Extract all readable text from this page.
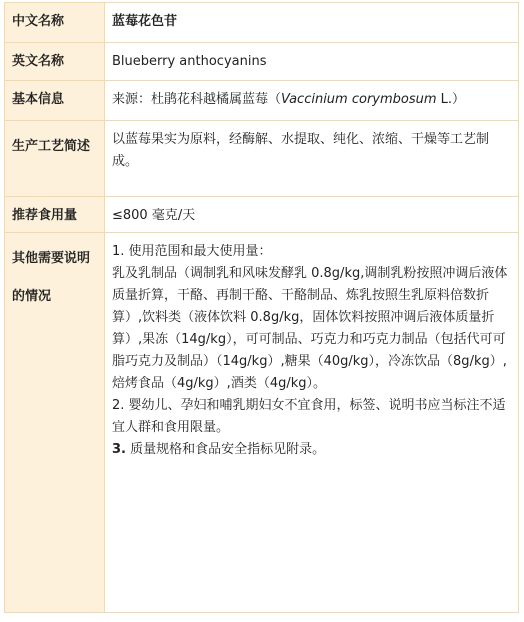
中文名称	蓝莓花色苷
英文名称	Blueberry anthocyanins
基本信息	来源：杜鹃花科越橘属蓝莓（Vaccinium corymbosum L.）
生产工艺简述	以蓝莓果实为原料，经酶解、水提取、纯化、浓缩、干燥等工艺制成。
推荐食用量	≤800 毫克/天
其他需要说明的情况	1. 使用范围和最大使用量：

乳及乳制品（调制乳和风味发酵乳 0.8g/kg,调制乳粉按照冲调后液体质量折算，干酪、再制干酪、干酪制品、炼乳按照生乳原料倍数折算）,饮料类（液体饮料 0.8g/kg，固体饮料按照冲调后液体质量折算）,果冻（14g/kg），可可制品、巧克力和巧克力制品（包括代可可脂巧克力及制品）（14g/kg）,糖果（40g/kg），冷冻饮品（8g/kg）,焙烤食品（4g/kg）,酒类（4g/kg）。

2. 婴幼儿、孕妇和哺乳期妇女不宜食用，标签、说明书应当标注不适宜人群和食用限量。

3. 质量规格和食品安全指标见附录。
